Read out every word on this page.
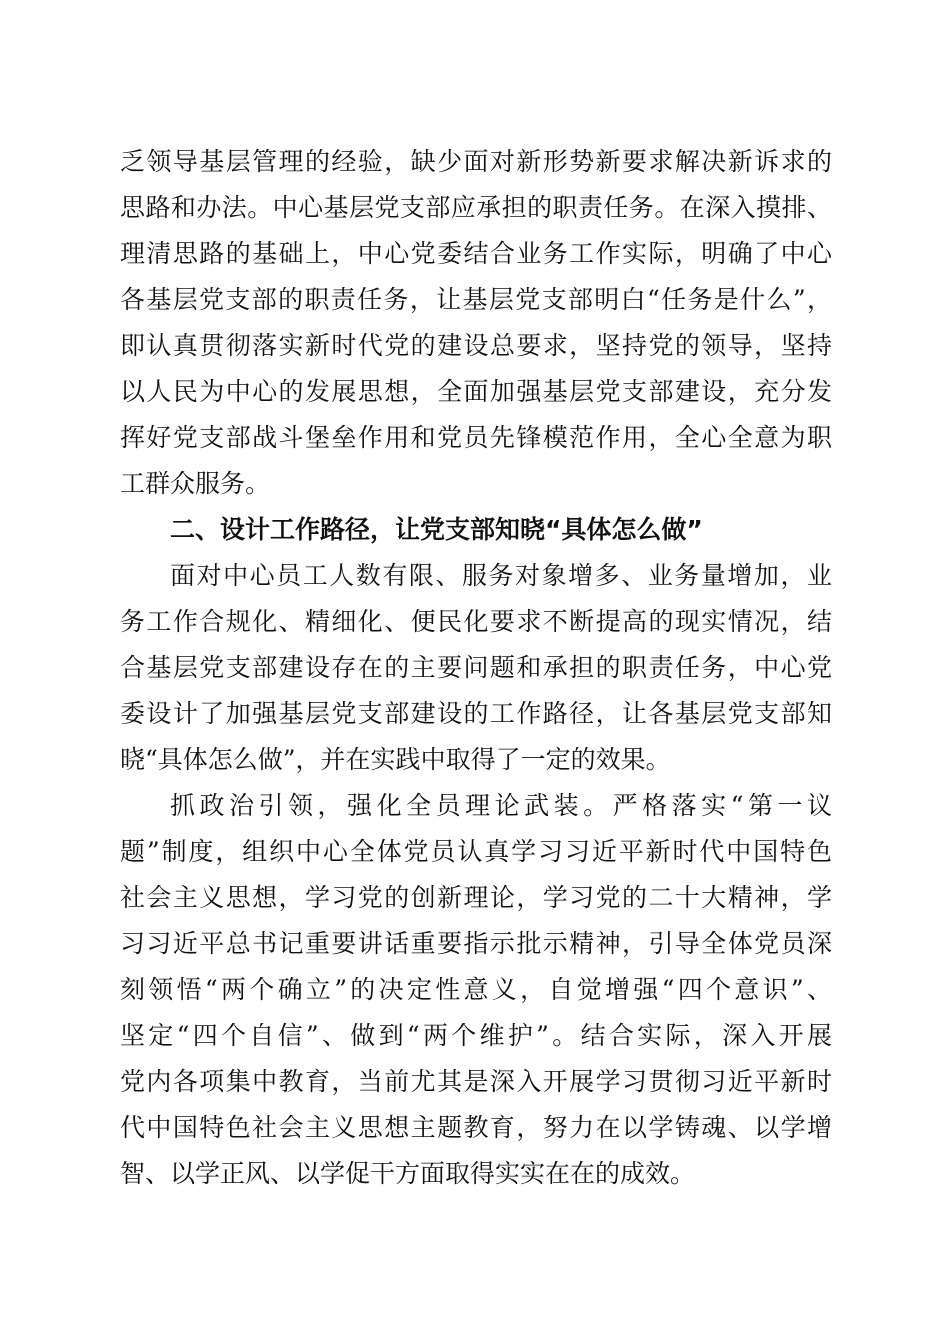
乏领导基层管理的经验，缺少面对新形势新要求解决新诉求的
思路和办法。中心基层党支部应承担的职责任务。在深入摸排、
理清思路的基础上，中心党委结合业务工作实际，明确了中心
各基层党支部的职责任务，让基层党支部明白“任务是什么”，
即认真贯彻落实新时代党的建设总要求，坚持党的领导，坚持
以人民为中心的发展思想，全面加强基层党支部建设，充分发
挥好党支部战斗堡垒作用和党员先锋模范作用，全心全意为职
工群众服务。
二、设计工作路径，让党支部知晓“具体怎么做”
面对中心员工人数有限、服务对象增多、业务量增加，业
务工作合规化、精细化、便民化要求不断提高的现实情况，结
合基层党支部建设存在的主要问题和承担的职责任务，中心党
委设计了加强基层党支部建设的工作路径，让各基层党支部知
晓“具体怎么做”，并在实践中取得了一定的效果。
抓政治引领，强化全员理论武装。严格落实“第一议
题”制度，组织中心全体党员认真学习习近平新时代中国特色
社会主义思想，学习党的创新理论，学习党的二十大精神，学
习习近平总书记重要讲话重要指示批示精神，引导全体党员深
刻领悟“两个确立”的决定性意义，自觉增强“四个意识”、
坚定“四个自信”、做到“两个维护”。结合实际，深入开展
党内各项集中教育，当前尤其是深入开展学习贯彻习近平新时
代中国特色社会主义思想主题教育，努力在以学铸魂、以学增
智、以学正风、以学促干方面取得实实在在的成效。
